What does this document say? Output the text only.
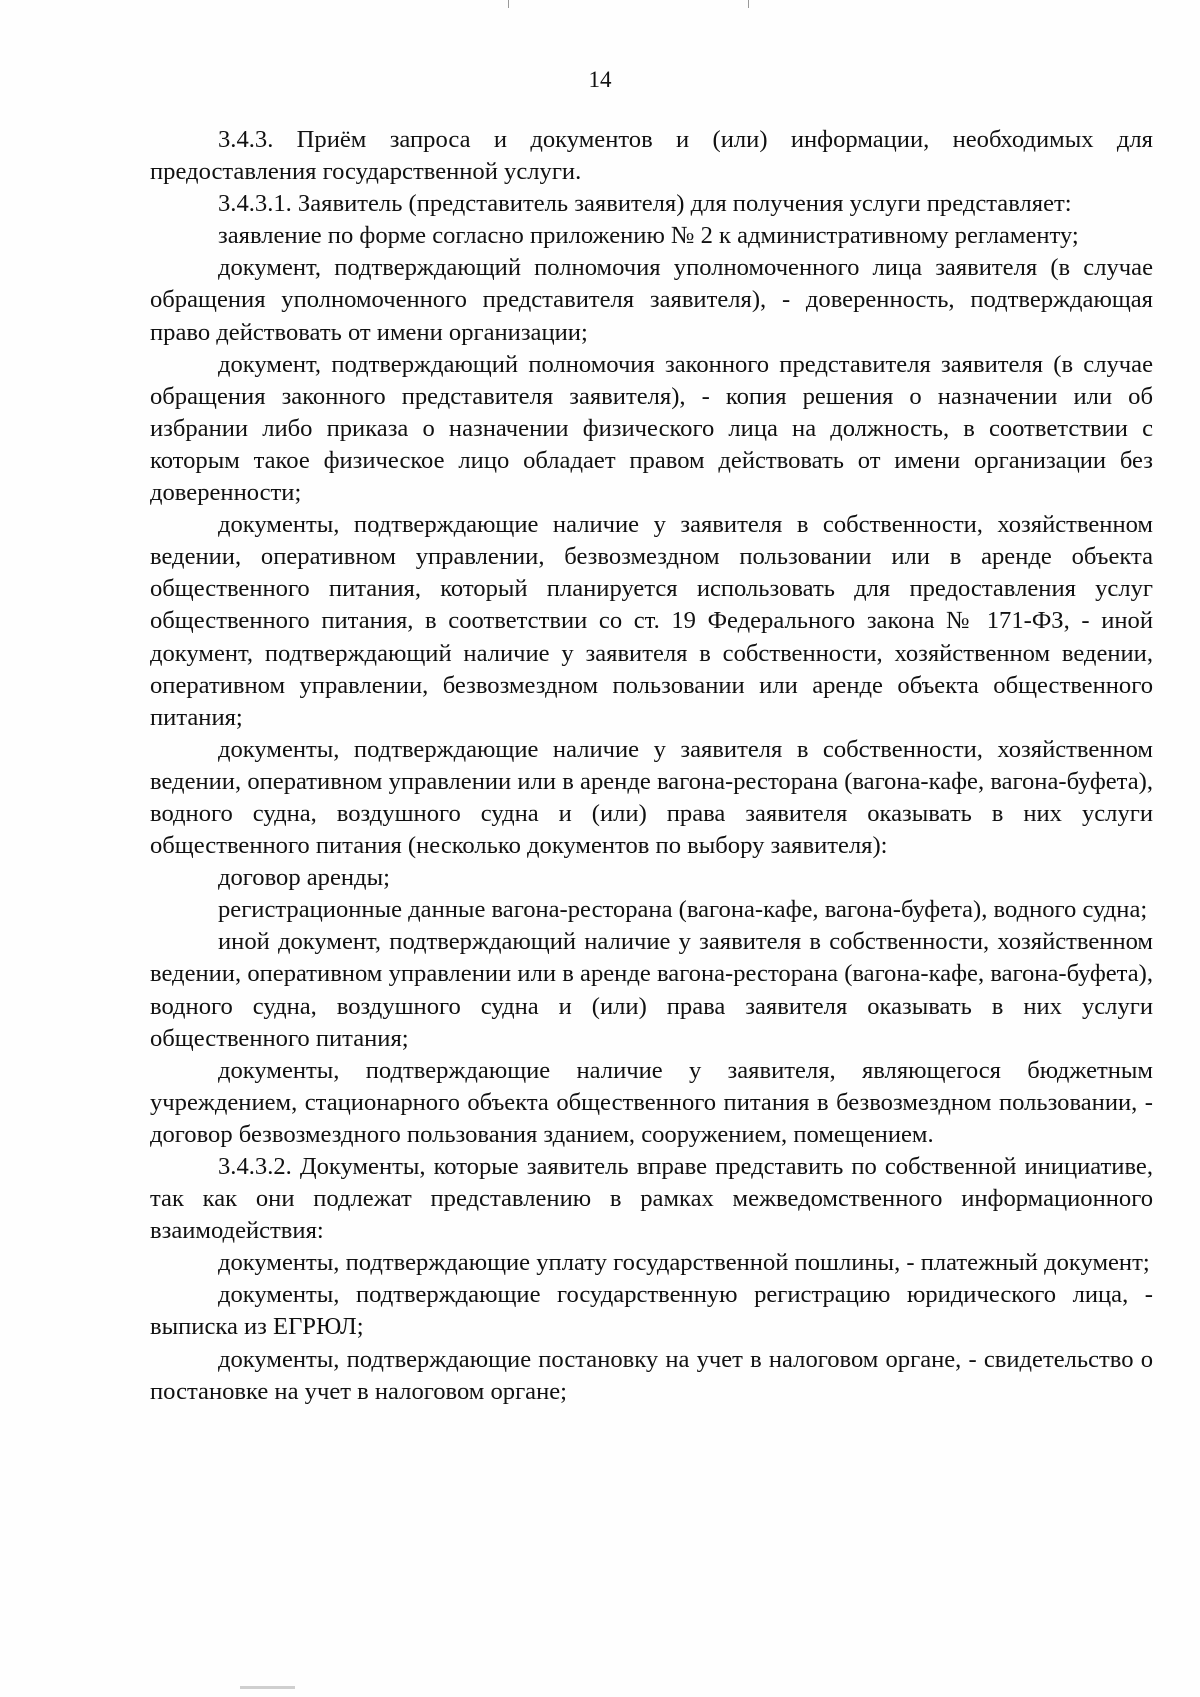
14

3.4.3. Приём запроса и документов и (или) информации, необходимых для предоставления государственной услуги.

3.4.3.1. Заявитель (представитель заявителя) для получения услуги представляет:

заявление по форме согласно приложению № 2 к административному регламенту;

документ, подтверждающий полномочия уполномоченного лица заявителя (в случае обращения уполномоченного представителя заявителя), - доверенность, подтверждающая право действовать от имени организации;

документ, подтверждающий полномочия законного представителя заявителя (в случае обращения законного представителя заявителя), - копия решения о назначении или об избрании либо приказа о назначении физического лица на должность, в соответствии с которым такое физическое лицо обладает правом действовать от имени организации без доверенности;

документы, подтверждающие наличие у заявителя в собственности, хозяйственном ведении, оперативном управлении, безвозмездном пользовании или в аренде объекта общественного питания, который планируется использовать для предоставления услуг общественного питания, в соответствии со ст. 19 Федерального закона № 171-ФЗ, - иной документ, подтверждающий наличие у заявителя в собственности, хозяйственном ведении, оперативном управлении, безвозмездном пользовании или аренде объекта общественного питания;

документы, подтверждающие наличие у заявителя в собственности, хозяйственном ведении, оперативном управлении или в аренде вагона-ресторана (вагона-кафе, вагона-буфета), водного судна, воздушного судна и (или) права заявителя оказывать в них услуги общественного питания (несколько документов по выбору заявителя):

договор аренды;

регистрационные данные вагона-ресторана (вагона-кафе, вагона-буфета), водного судна;

иной документ, подтверждающий наличие у заявителя в собственности, хозяйственном ведении, оперативном управлении или в аренде вагона-ресторана (вагона-кафе, вагона-буфета), водного судна, воздушного судна и (или) права заявителя оказывать в них услуги общественного питания;

документы, подтверждающие наличие у заявителя, являющегося бюджетным учреждением, стационарного объекта общественного питания в безвозмездном пользовании, - договор безвозмездного пользования зданием, сооружением, помещением.

3.4.3.2. Документы, которые заявитель вправе представить по собственной инициативе, так как они подлежат представлению в рамках межведомственного информационного взаимодействия:

документы, подтверждающие уплату государственной пошлины, - платежный документ;

документы, подтверждающие государственную регистрацию юридического лица, - выписка из ЕГРЮЛ;

документы, подтверждающие постановку на учет в налоговом органе, - свидетельство о постановке на учет в налоговом органе;
